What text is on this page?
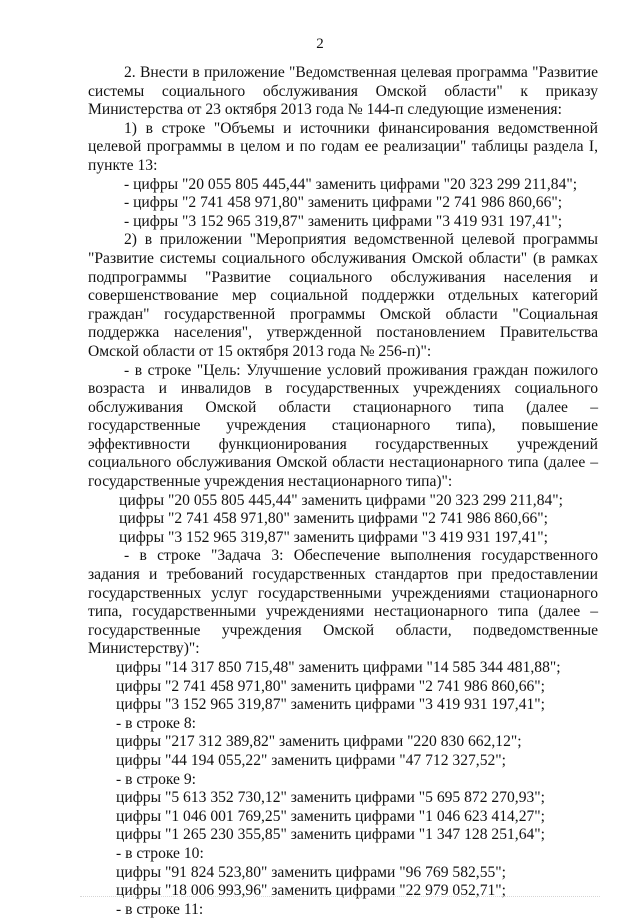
2

2. Внести в приложение "Ведомственная целевая программа "Развитие системы социального обслуживания Омской области" к приказу Министерства от 23 октября 2013 года № 144-п следующие изменения:

1) в строке "Объемы и источники финансирования ведомственной целевой программы в целом и по годам ее реализации" таблицы раздела I, пункте 13:

- цифры "20 055 805 445,44" заменить цифрами "20 323 299 211,84";

- цифры "2 741 458 971,80" заменить цифрами "2 741 986 860,66";

- цифры "3 152 965 319,87" заменить цифрами "3 419 931 197,41";

2) в приложении "Мероприятия ведомственной целевой программы "Развитие системы социального обслуживания Омской области" (в рамках подпрограммы "Развитие социального обслуживания населения и совершенствование мер социальной поддержки отдельных категорий граждан" государственной программы Омской области "Социальная поддержка населения", утвержденной постановлением Правительства Омской области от 15 октября 2013 года № 256-п)":

- в строке "Цель: Улучшение условий проживания граждан пожилого возраста и инвалидов в государственных учреждениях социального обслуживания Омской области стационарного типа (далее – государственные учреждения стационарного типа), повышение эффективности функционирования государственных учреждений социального обслуживания Омской области нестационарного типа (далее – государственные учреждения нестационарного типа)":

цифры "20 055 805 445,44" заменить цифрами "20 323 299 211,84";

цифры "2 741 458 971,80" заменить цифрами "2 741 986 860,66";

цифры "3 152 965 319,87" заменить цифрами "3 419 931 197,41";

- в строке "Задача 3: Обеспечение выполнения государственного задания и требований государственных стандартов при предоставлении государственных услуг государственными учреждениями стационарного типа, государственными учреждениями нестационарного типа (далее – государственные учреждения Омской области, подведомственные Министерству)":

цифры "14 317 850 715,48" заменить цифрами "14 585 344 481,88";

цифры "2 741 458 971,80" заменить цифрами "2 741 986 860,66";

цифры "3 152 965 319,87" заменить цифрами "3 419 931 197,41";

- в строке 8:

цифры "217 312 389,82" заменить цифрами "220 830 662,12";

цифры "44 194 055,22" заменить цифрами "47 712 327,52";

- в строке 9:

цифры "5 613 352 730,12" заменить цифрами "5 695 872 270,93";

цифры "1 046 001 769,25" заменить цифрами "1 046 623 414,27";

цифры "1 265 230 355,85" заменить цифрами "1 347 128 251,64";

- в строке 10:

цифры "91 824 523,80" заменить цифрами "96 769 582,55";

цифры "18 006 993,96" заменить цифрами "22 979 052,71";

- в строке 11:
